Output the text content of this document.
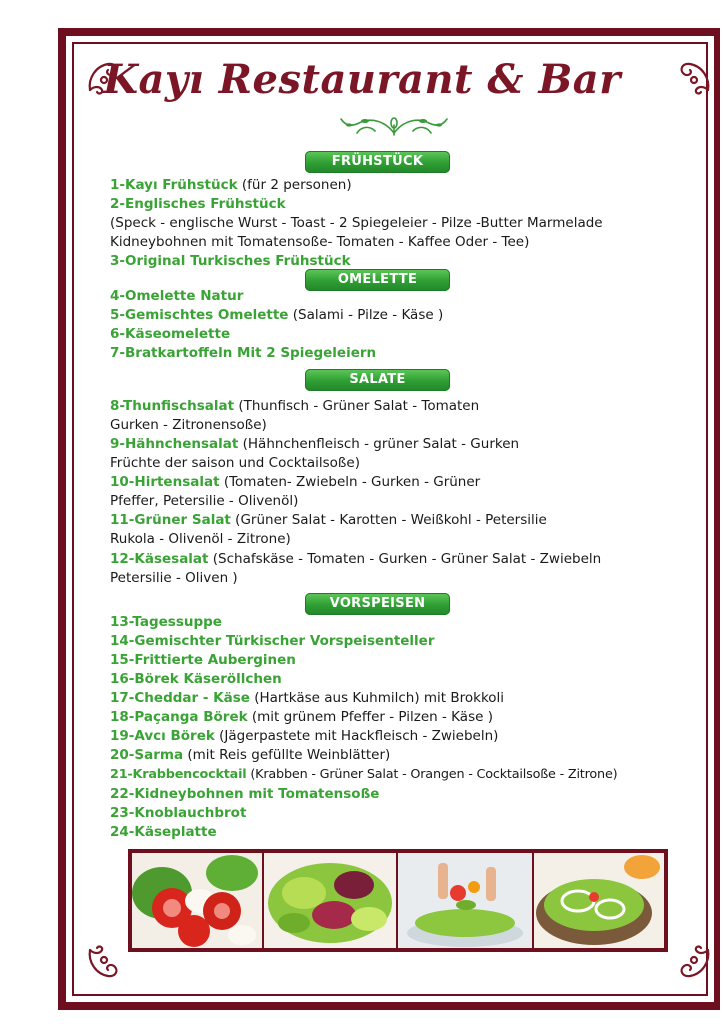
Kayı Restaurant & Bar
FRÜHSTÜCK
1-Kayı Frühstück (für 2 personen)
2-Englisches Frühstück
(Speck - englische Wurst - Toast - 2 Spiegeleier - Pilze -Butter Marmelade
Kidneybohnen mit Tomatensoße- Tomaten - Kaffee Oder - Tee)
3-Original Turkisches Frühstück
OMELETTE
4-Omelette Natur
5-Gemischtes Omelette (Salami - Pilze - Käse )
6-Käseomelette
7-Bratkartoffeln Mit 2 Spiegeleiern
SALATE
8-Thunfischsalat (Thunfisch - Grüner Salat - Tomaten
Gurken - Zitronensoße)
9-Hähnchensalat (Hähnchenfleisch - grüner Salat - Gurken
Früchte der saison und Cocktailsoße)
10-Hirtensalat (Tomaten- Zwiebeln - Gurken - Grüner
Pfeffer, Petersilie - Olivenöl)
11-Grüner Salat (Grüner Salat - Karotten - Weißkohl - Petersilie
Rukola - Olivenöl - Zitrone)
12-Käsesalat (Schafskäse - Tomaten - Gurken - Grüner Salat - Zwiebeln
Petersilie - Oliven )
VORSPEISEN
13-Tagessuppe
14-Gemischter Türkischer Vorspeisenteller
15-Frittierte Auberginen
16-Börek Käseröllchen
17-Cheddar - Käse (Hartkäse aus Kuhmilch) mit Brokkoli
18-Paçanga Börek (mit grünem Pfeffer - Pilzen - Käse )
19-Avcı Börek (Jägerpastete mit Hackfleisch - Zwiebeln)
20-Sarma (mit Reis gefüllte Weinblätter)
21-Krabbencocktail (Krabben - Grüner Salat - Orangen - Cocktailsoße - Zitrone)
22-Kidneybohnen mit Tomatensoße
23-Knoblauchbrot
24-Käseplatte
